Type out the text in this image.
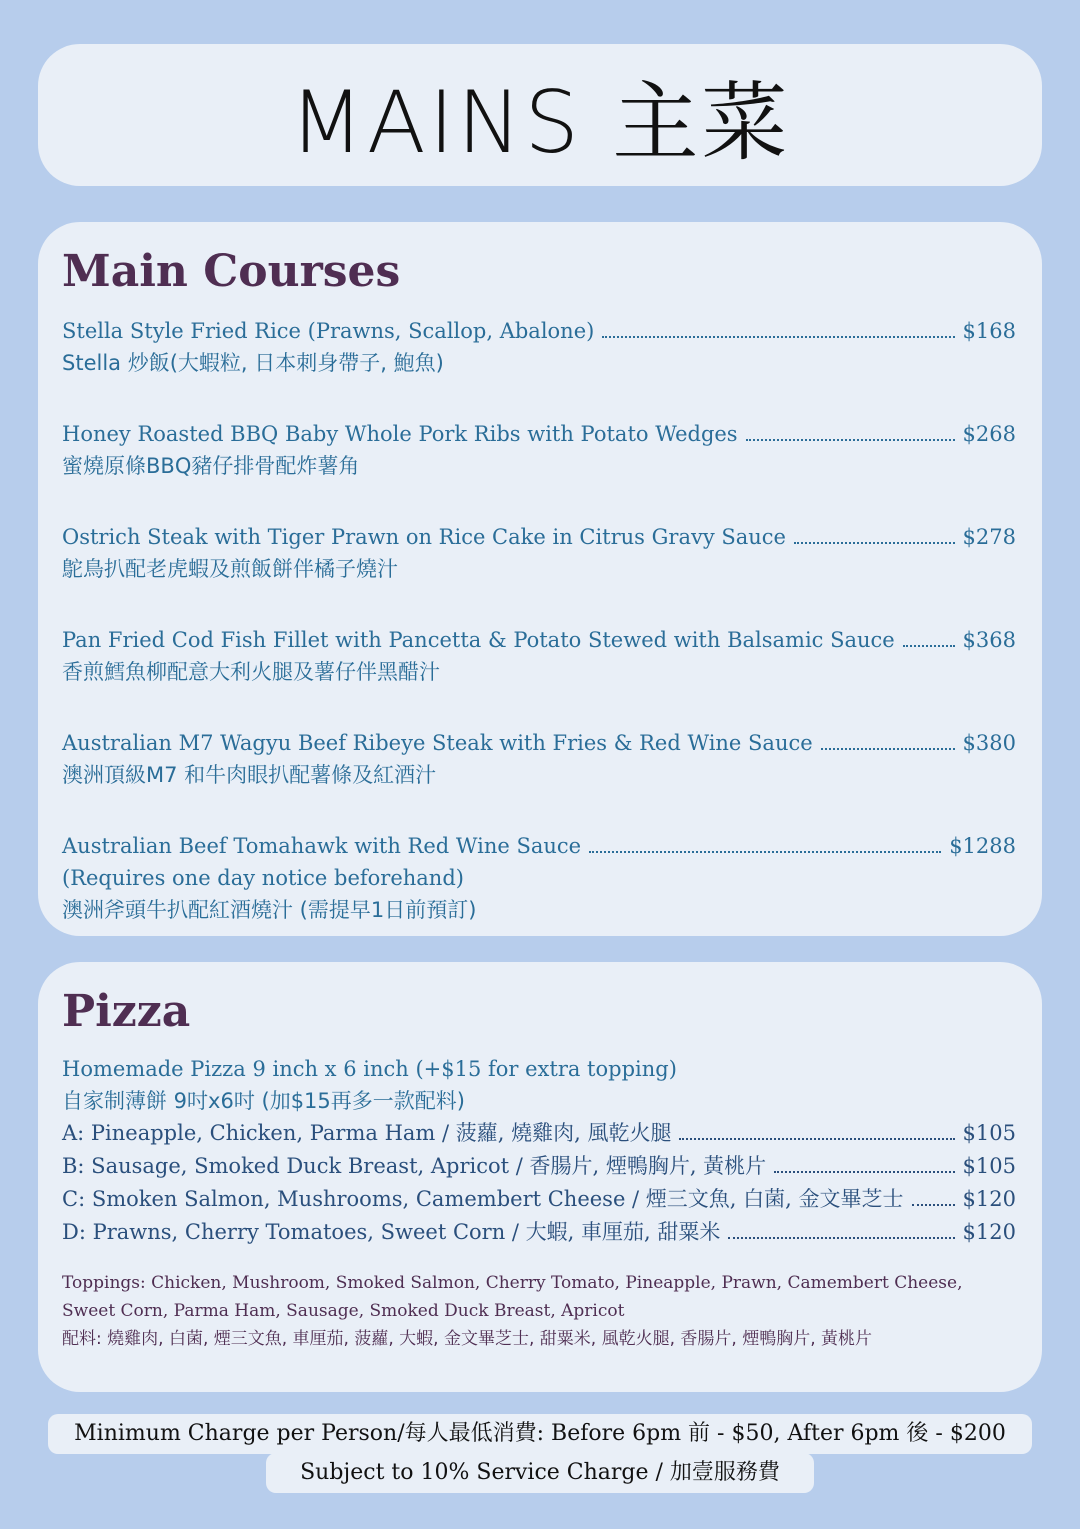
MAINS 主菜
Main Courses
Stella Style Fried Rice (Prawns, Scallop, Abalone)	$168
Stella 炒飯(大蝦粒, 日本刺身帶子, 鮑魚)
Honey Roasted BBQ Baby Whole Pork Ribs with Potato Wedges	$268
蜜燒原條BBQ豬仔排骨配炸薯角
Ostrich Steak with Tiger Prawn on Rice Cake in Citrus Gravy Sauce	$278
鴕鳥扒配老虎蝦及煎飯餅伴橘子燒汁
Pan Fried Cod Fish Fillet with Pancetta & Potato Stewed with Balsamic Sauce	$368
香煎鱈魚柳配意大利火腿及薯仔伴黑醋汁
Australian M7 Wagyu Beef Ribeye Steak with Fries & Red Wine Sauce	$380
澳洲頂級M7 和牛肉眼扒配薯條及紅酒汁
Australian Beef Tomahawk with Red Wine Sauce	$1288
(Requires one day notice beforehand)
澳洲斧頭牛扒配紅酒燒汁 (需提早1日前預訂)
Pizza
Homemade Pizza 9 inch x 6 inch (+$15 for extra topping)
自家制薄餅 9吋x6吋 (加$15再多一款配料)
A: Pineapple, Chicken, Parma Ham / 菠蘿, 燒雞肉, 風乾火腿	$105
B: Sausage, Smoked Duck Breast, Apricot / 香腸片, 煙鴨胸片, 黃桃片	$105
C: Smoken Salmon, Mushrooms, Camembert Cheese / 煙三文魚, 白菌, 金文畢芝士	$120
D: Prawns, Cherry Tomatoes, Sweet Corn / 大蝦, 車厘茄, 甜粟米	$120
Toppings: Chicken, Mushroom, Smoked Salmon, Cherry Tomato, Pineapple, Prawn, Camembert Cheese,
Sweet Corn, Parma Ham, Sausage, Smoked Duck Breast, Apricot
配料: 燒雞肉, 白菌, 煙三文魚, 車厘茄, 菠蘿, 大蝦, 金文畢芝士, 甜粟米, 風乾火腿, 香腸片, 煙鴨胸片, 黃桃片
Minimum Charge per Person/每人最低消費: Before 6pm 前 - $50, After 6pm 後 - $200
Subject to 10% Service Charge / 加壹服務費
